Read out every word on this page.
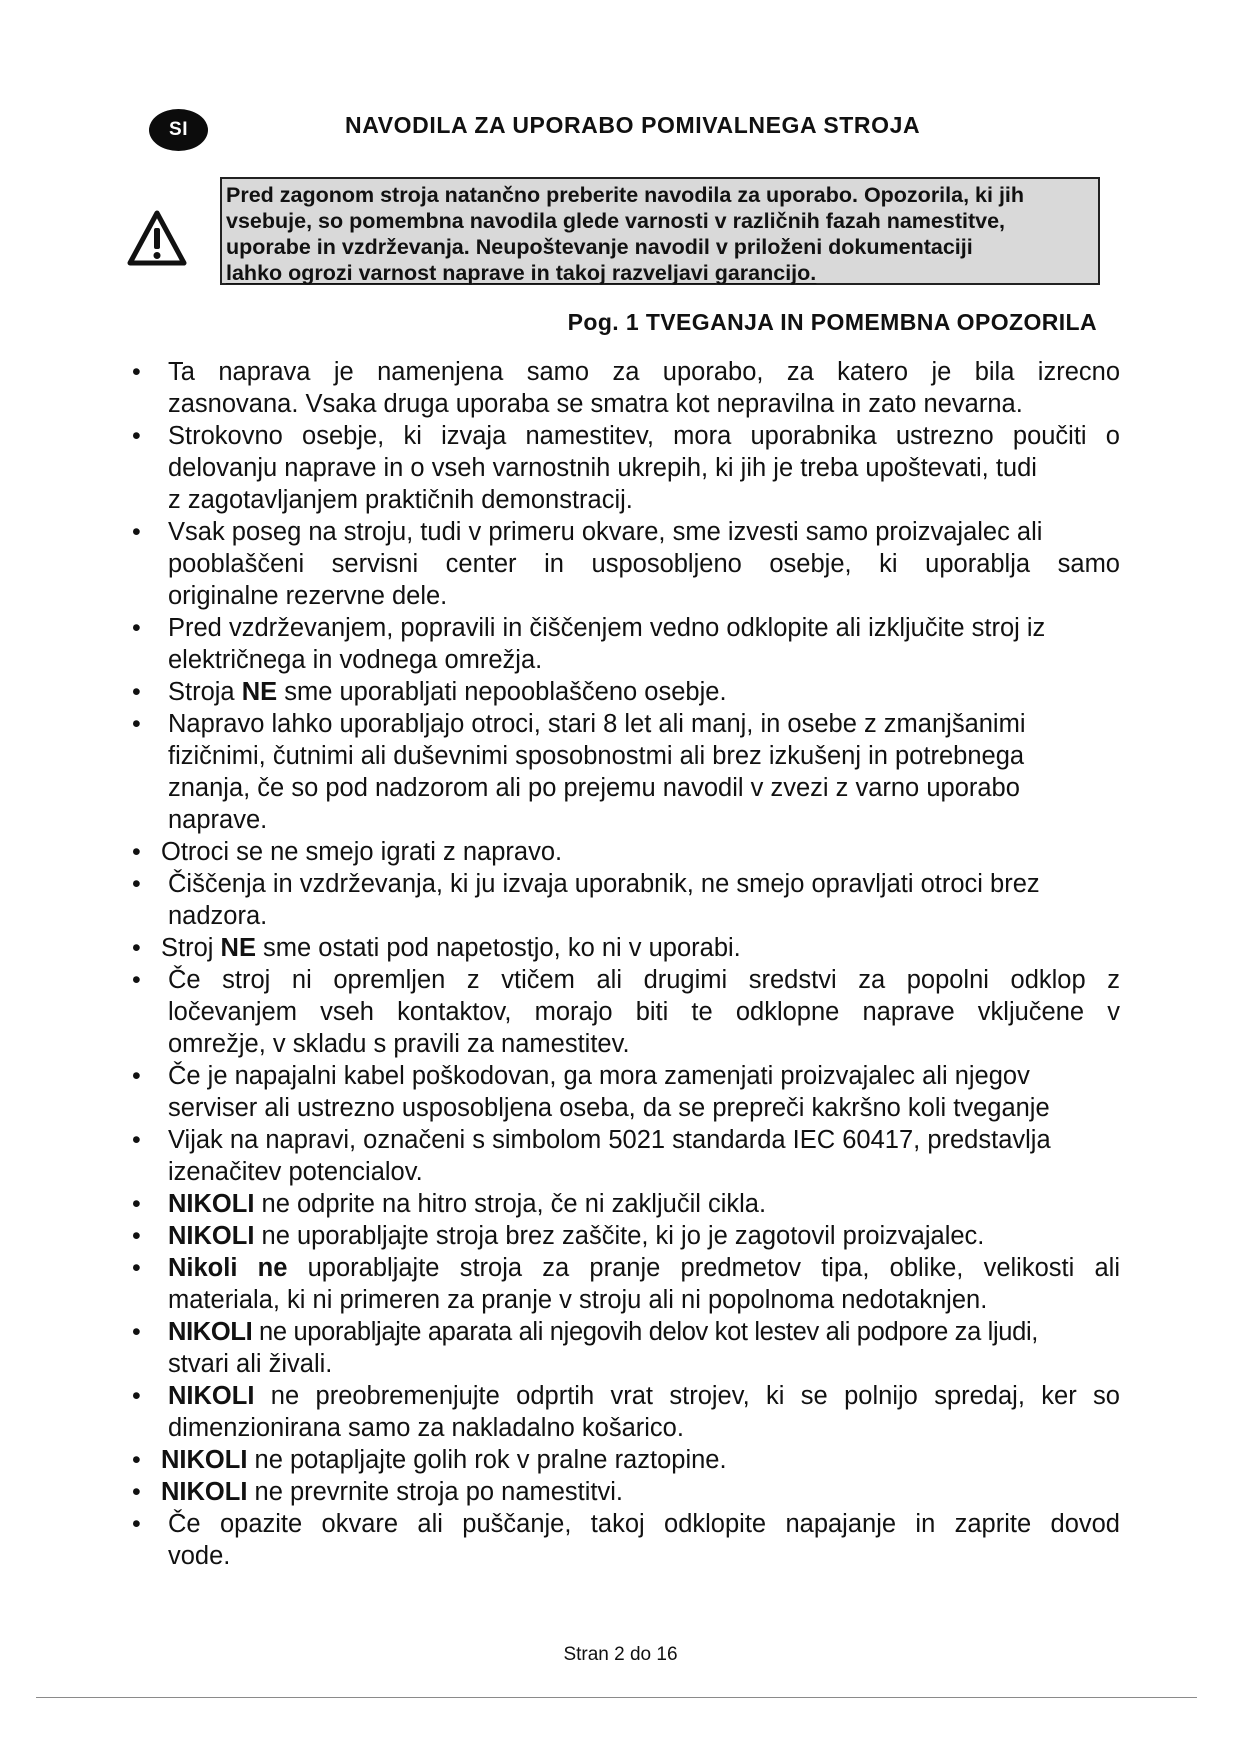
SI	NAVODILA ZA UPORABO POMIVALNEGA STROJA
Pred zagonom stroja natančno preberite navodila za uporabo. Opozorila, ki jih
vsebuje, so pomembna navodila glede varnosti v različnih fazah namestitve,
uporabe in vzdrževanja. Neupoštevanje navodil v priloženi dokumentaciji
lahko ogrozi varnost naprave in takoj razveljavi garancijo.
Pog. 1 TVEGANJA IN POMEMBNA OPOZORILA
• Ta naprava je namenjena samo za uporabo, za katero je bila izrecno
zasnovana. Vsaka druga uporaba se smatra kot nepravilna in zato nevarna.
• Strokovno osebje, ki izvaja namestitev, mora uporabnika ustrezno poučiti o
delovanju naprave in o vseh varnostnih ukrepih, ki jih je treba upoštevati, tudi
z zagotavljanjem praktičnih demonstracij.
• Vsak poseg na stroju, tudi v primeru okvare, sme izvesti samo proizvajalec ali
pooblaščeni servisni center in usposobljeno osebje, ki uporablja samo
originalne rezervne dele.
• Pred vzdrževanjem, popravili in čiščenjem vedno odklopite ali izključite stroj iz
električnega in vodnega omrežja.
• Stroja NE sme uporabljati nepooblaščeno osebje.
• Napravo lahko uporabljajo otroci, stari 8 let ali manj, in osebe z zmanjšanimi
fizičnimi, čutnimi ali duševnimi sposobnostmi ali brez izkušenj in potrebnega
znanja, če so pod nadzorom ali po prejemu navodil v zvezi z varno uporabo
naprave.
• Otroci se ne smejo igrati z napravo.
• Čiščenja in vzdrževanja, ki ju izvaja uporabnik, ne smejo opravljati otroci brez
nadzora.
• Stroj NE sme ostati pod napetostjo, ko ni v uporabi.
• Če stroj ni opremljen z vtičem ali drugimi sredstvi za popolni odklop z
ločevanjem vseh kontaktov, morajo biti te odklopne naprave vključene v
omrežje, v skladu s pravili za namestitev.
• Če je napajalni kabel poškodovan, ga mora zamenjati proizvajalec ali njegov
serviser ali ustrezno usposobljena oseba, da se prepreči kakršno koli tveganje
• Vijak na napravi, označeni s simbolom 5021 standarda IEC 60417, predstavlja
izenačitev potencialov.
• NIKOLI ne odprite na hitro stroja, če ni zaključil cikla.
• NIKOLI ne uporabljajte stroja brez zaščite, ki jo je zagotovil proizvajalec.
• Nikoli ne uporabljajte stroja za pranje predmetov tipa, oblike, velikosti ali
materiala, ki ni primeren za pranje v stroju ali ni popolnoma nedotaknjen.
• NIKOLI ne uporabljajte aparata ali njegovih delov kot lestev ali podpore za ljudi,
stvari ali živali.
• NIKOLI ne preobremenjujte odprtih vrat strojev, ki se polnijo spredaj, ker so
dimenzionirana samo za nakladalno košarico.
• NIKOLI ne potapljajte golih rok v pralne raztopine.
• NIKOLI ne prevrnite stroja po namestitvi.
• Če opazite okvare ali puščanje, takoj odklopite napajanje in zaprite dovod
vode.
Stran 2 do 16
